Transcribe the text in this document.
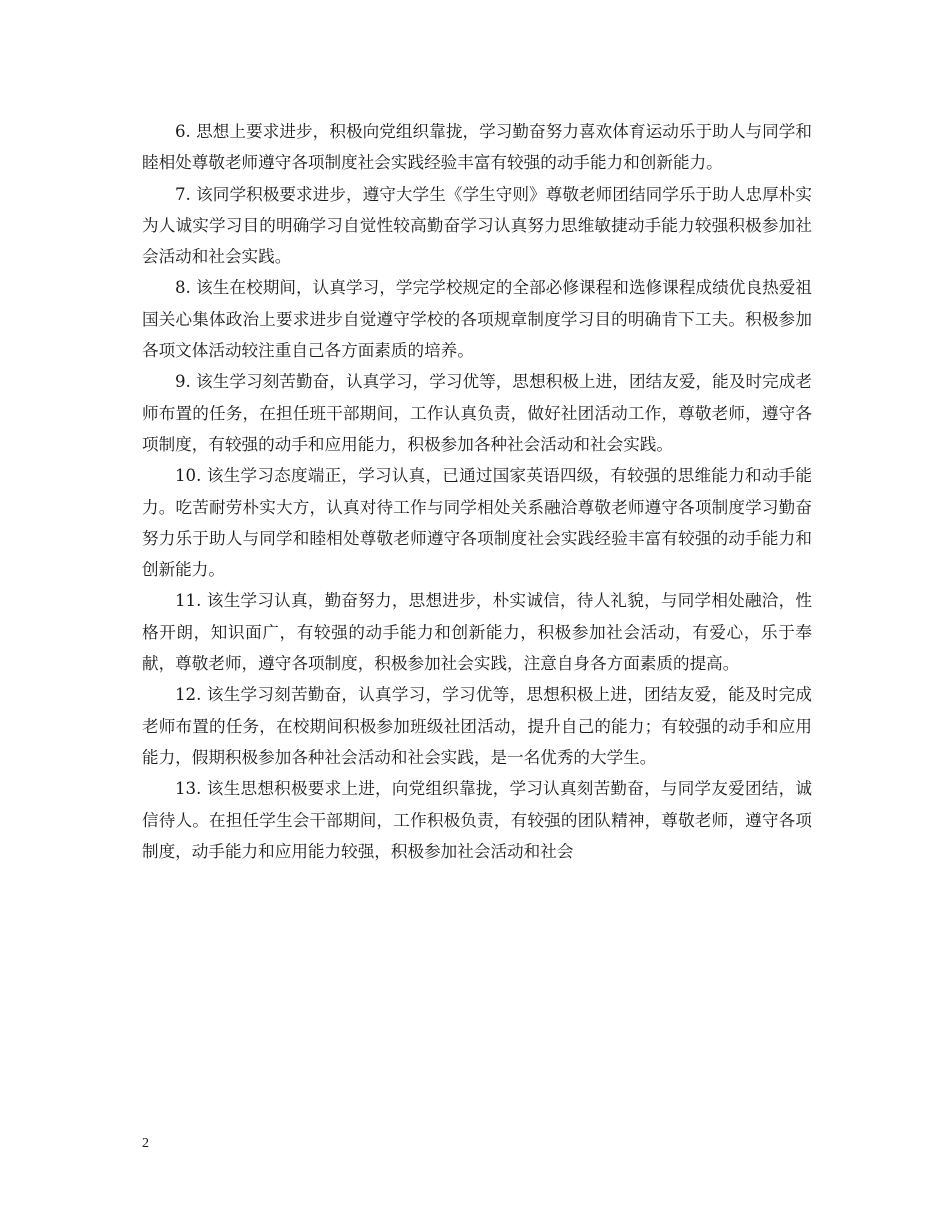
6. 思想上要求进步，积极向党组织靠拢，学习勤奋努力喜欢体育运动乐于助人与同学和睦相处尊敬老师遵守各项制度社会实践经验丰富有较强的动手能力和创新能力。

7. 该同学积极要求进步，遵守大学生《学生守则》尊敬老师团结同学乐于助人忠厚朴实为人诚实学习目的明确学习自觉性较高勤奋学习认真努力思维敏捷动手能力较强积极参加社会活动和社会实践。

8. 该生在校期间，认真学习，学完学校规定的全部必修课程和选修课程成绩优良热爱祖国关心集体政治上要求进步自觉遵守学校的各项规章制度学习目的明确肯下工夫。积极参加各项文体活动较注重自己各方面素质的培养。

9. 该生学习刻苦勤奋，认真学习，学习优等，思想积极上进，团结友爱，能及时完成老师布置的任务，在担任班干部期间，工作认真负责，做好社团活动工作，尊敬老师，遵守各项制度，有较强的动手和应用能力，积极参加各种社会活动和社会实践。

10. 该生学习态度端正，学习认真，已通过国家英语四级，有较强的思维能力和动手能力。吃苦耐劳朴实大方，认真对待工作与同学相处关系融洽尊敬老师遵守各项制度学习勤奋努力乐于助人与同学和睦相处尊敬老师遵守各项制度社会实践经验丰富有较强的动手能力和创新能力。

11. 该生学习认真，勤奋努力，思想进步，朴实诚信，待人礼貌，与同学相处融洽，性格开朗，知识面广，有较强的动手能力和创新能力，积极参加社会活动，有爱心，乐于奉献，尊敬老师，遵守各项制度，积极参加社会实践，注意自身各方面素质的提高。

12. 该生学习刻苦勤奋，认真学习，学习优等，思想积极上进，团结友爱，能及时完成老师布置的任务，在校期间积极参加班级社团活动，提升自己的能力；有较强的动手和应用能力，假期积极参加各种社会活动和社会实践，是一名优秀的大学生。

13. 该生思想积极要求上进，向党组织靠拢，学习认真刻苦勤奋，与同学友爱团结，诚信待人。在担任学生会干部期间，工作积极负责，有较强的团队精神，尊敬老师，遵守各项制度，动手能力和应用能力较强，积极参加社会活动和社会

2
